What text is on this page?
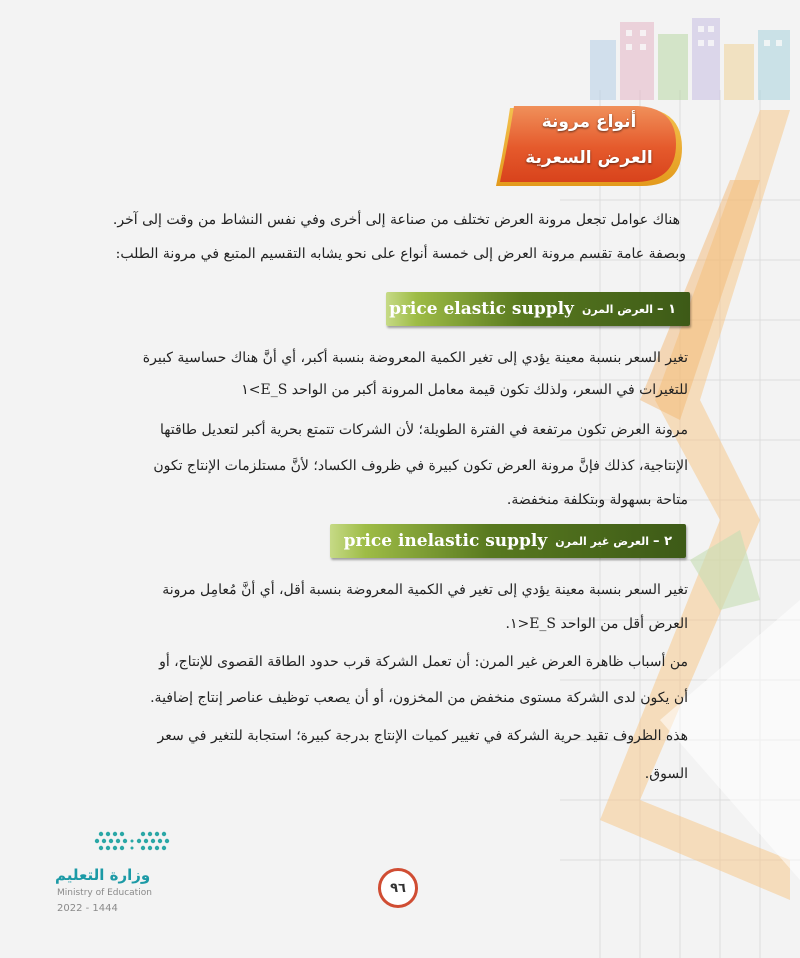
أنواع مرونة
العرض السعرية
هناك عوامل تجعل مرونة العرض تختلف من صناعة إلى أخرى وفي نفس النشاط من وقت إلى آخر.
وبصفة عامة تقسم مرونة العرض إلى خمسة أنواع على نحو يشابه التقسيم المتبع في مرونة الطلب:
١ –
العرض المرن
price elastic supply
تغير السعر بنسبة معينة يؤدي إلى تغير الكمية المعروضة بنسبة أكبر، أي أنَّ هناك حساسية كبيرة
للتغيرات في السعر، ولذلك تكون قيمة معامل المرونة أكبر من الواحد E_S>١
مرونة العرض تكون مرتفعة في الفترة الطويلة؛ لأن الشركات تتمتع بحرية أكبر لتعديل طاقتها
الإنتاجية، كذلك فإنَّ مرونة العرض تكون كبيرة في ظروف الكساد؛ لأنَّ مستلزمات الإنتاج تكون
متاحة بسهولة وبتكلفة منخفضة.
٢ –
العرض غير المرن
price inelastic supply
تغير السعر بنسبة معينة يؤدي إلى تغير في الكمية المعروضة بنسبة أقل، أي أنَّ مُعامِل مرونة
العرض أقل من الواحد E_S<١.
من أسباب ظاهرة العرض غير المرن: أن تعمل الشركة قرب حدود الطاقة القصوى للإنتاج، أو
أن يكون لدى الشركة مستوى منخفض من المخزون، أو أن يصعب توظيف عناصر إنتاج إضافية.
هذه الظروف تقيد حرية الشركة في تغيير كميات الإنتاج بدرجة كبيرة؛ استجابة للتغير في سعر
السوق.
وزارة التعليم
Ministry of Education
2022 - 1444
٩٦
